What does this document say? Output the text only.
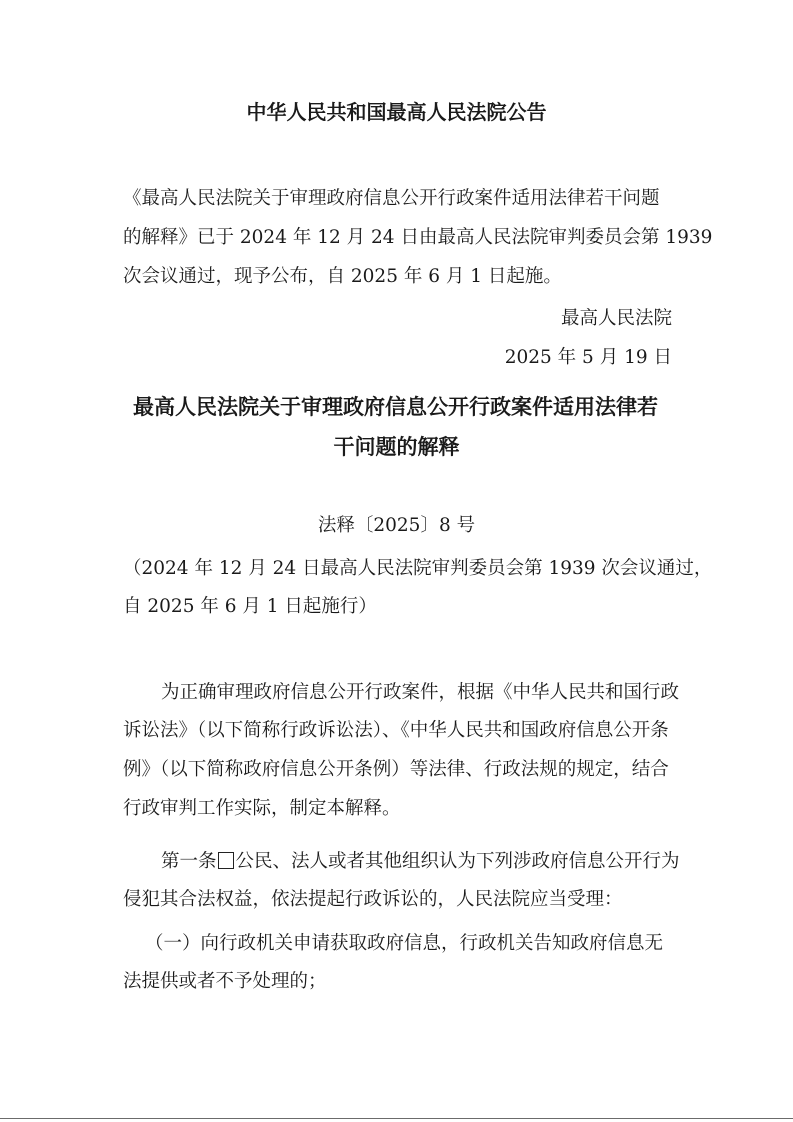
中华人民共和国最高人民法院公告
《最高人民法院关于审理政府信息公开行政案件适用法律若干问题
的解释》已于 2024 年 12 月 24 日由最高人民法院审判委员会第 1939
次会议通过，现予公布，自 2025 年 6 月 1 日起施。
最高人民法院
2025 年 5 月 19 日
最高人民法院关于审理政府信息公开行政案件适用法律若
干问题的解释
法释〔2025〕8 号
（2024 年 12 月 24 日最高人民法院审判委员会第 1939 次会议通过，
自 2025 年 6 月 1 日起施行）
为正确审理政府信息公开行政案件，根据《中华人民共和国行政
诉讼法》（以下简称行政诉讼法）、《中华人民共和国政府信息公开条
例》（以下简称政府信息公开条例）等法律、行政法规的规定，结合
行政审判工作实际，制定本解释。
第一条 公民、法人或者其他组织认为下列涉政府信息公开行为
侵犯其合法权益，依法提起行政诉讼的，人民法院应当受理：
（一）向行政机关申请获取政府信息，行政机关告知政府信息无
法提供或者不予处理的；
